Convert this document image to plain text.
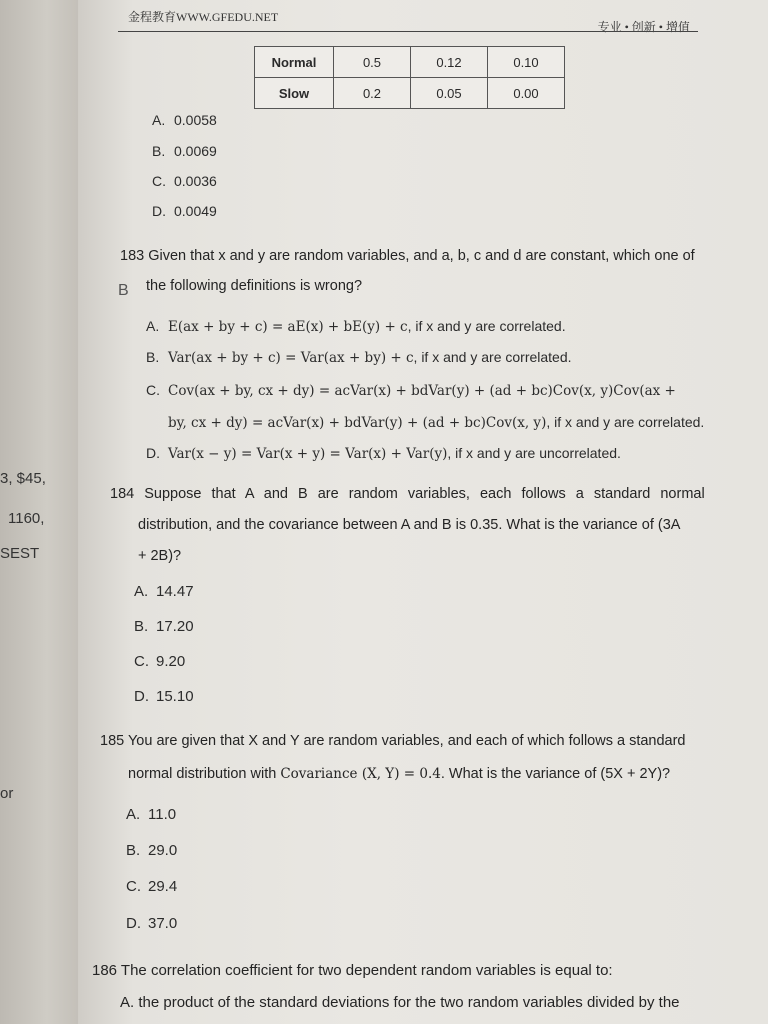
3, $45,
1160,
SEST
or
金程教育WWW.GFEDU.NET
专业 • 创新 • 增值
Normal	0.5	0.12	0.10
Slow	0.2	0.05	0.00
A. 0.0058
B. 0.0069
C. 0.0036
D. 0.0049
183 Given that x and y are random variables, and a, b, c and d are constant, which one of
B the following definitions is wrong?
A. E(ax + by + c) = aE(x) + bE(y) + c, if x and y are correlated.
B. Var(ax + by + c) = Var(ax + by) + c, if x and y are correlated.
C. Cov(ax + by, cx + dy) = acVar(x) + bdVar(y) + (ad + bc)Cov(x, y)Cov(ax +
by, cx + dy) = acVar(x) + bdVar(y) + (ad + bc)Cov(x, y), if x and y are correlated.
D. Var(x − y) = Var(x + y) = Var(x) + Var(y), if x and y are uncorrelated.
184 Suppose that A and B are random variables, each follows a standard normal
distribution, and the covariance between A and B is 0.35. What is the variance of (3A
+ 2B)?
A. 14.47
B. 17.20
C. 9.20
D. 15.10
185 You are given that X and Y are random variables, and each of which follows a standard
normal distribution with Covariance (X, Y) = 0.4. What is the variance of (5X + 2Y)?
A. 11.0
B. 29.0
C. 29.4
D. 37.0
186 The correlation coefficient for two dependent random variables is equal to:
A. the product of the standard deviations for the two random variables divided by the
